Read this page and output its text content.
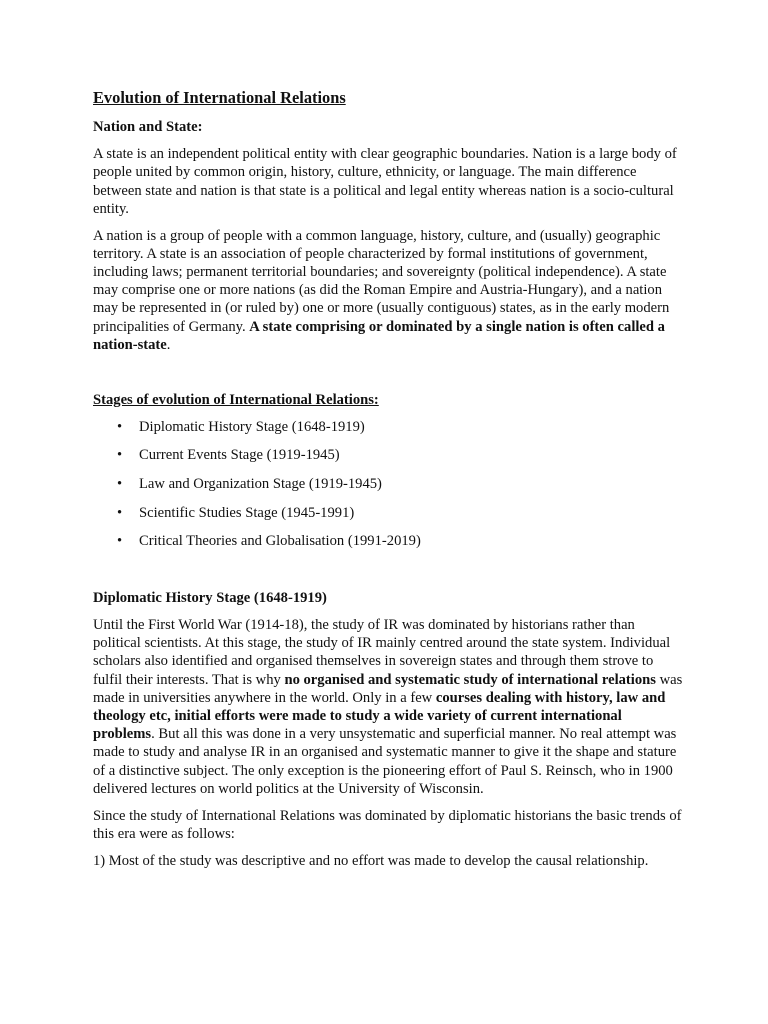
Evolution of International Relations
Nation and State:

A state is an independent political entity with clear geographic boundaries. Nation is a large body of people united by common origin, history, culture, ethnicity, or language. The main difference between state and nation is that state is a political and legal entity whereas nation is a socio-cultural entity.

A nation is a group of people with a common language, history, culture, and (usually) geographic territory. A state is an association of people characterized by formal institutions of government, including laws; permanent territorial boundaries; and sovereignty (political independence). A state may comprise one or more nations (as did the Roman Empire and Austria-Hungary), and a nation may be represented in (or ruled by) one or more (usually contiguous) states, as in the early modern principalities of Germany. A state comprising or dominated by a single nation is often called a nation-state.

Stages of evolution of International Relations:
• Diplomatic History Stage (1648-1919)
• Current Events Stage (1919-1945)
• Law and Organization Stage (1919-1945)
• Scientific Studies Stage (1945-1991)
• Critical Theories and Globalisation (1991-2019)
Diplomatic History Stage (1648-1919)

Until the First World War (1914-18), the study of IR was dominated by historians rather than political scientists. At this stage, the study of IR mainly centred around the state system. Individual scholars also identified and organised themselves in sovereign states and through them strove to fulfil their interests. That is why no organised and systematic study of international relations was made in universities anywhere in the world. Only in a few courses dealing with history, law and theology etc, initial efforts were made to study a wide variety of current international problems. But all this was done in a very unsystematic and superficial manner. No real attempt was made to study and analyse IR in an organised and systematic manner to give it the shape and stature of a distinctive subject. The only exception is the pioneering effort of Paul S. Reinsch, who in 1900 delivered lectures on world politics at the University of Wisconsin.

Since the study of International Relations was dominated by diplomatic historians the basic trends of this era were as follows:

1) Most of the study was descriptive and no effort was made to develop the causal relationship.
